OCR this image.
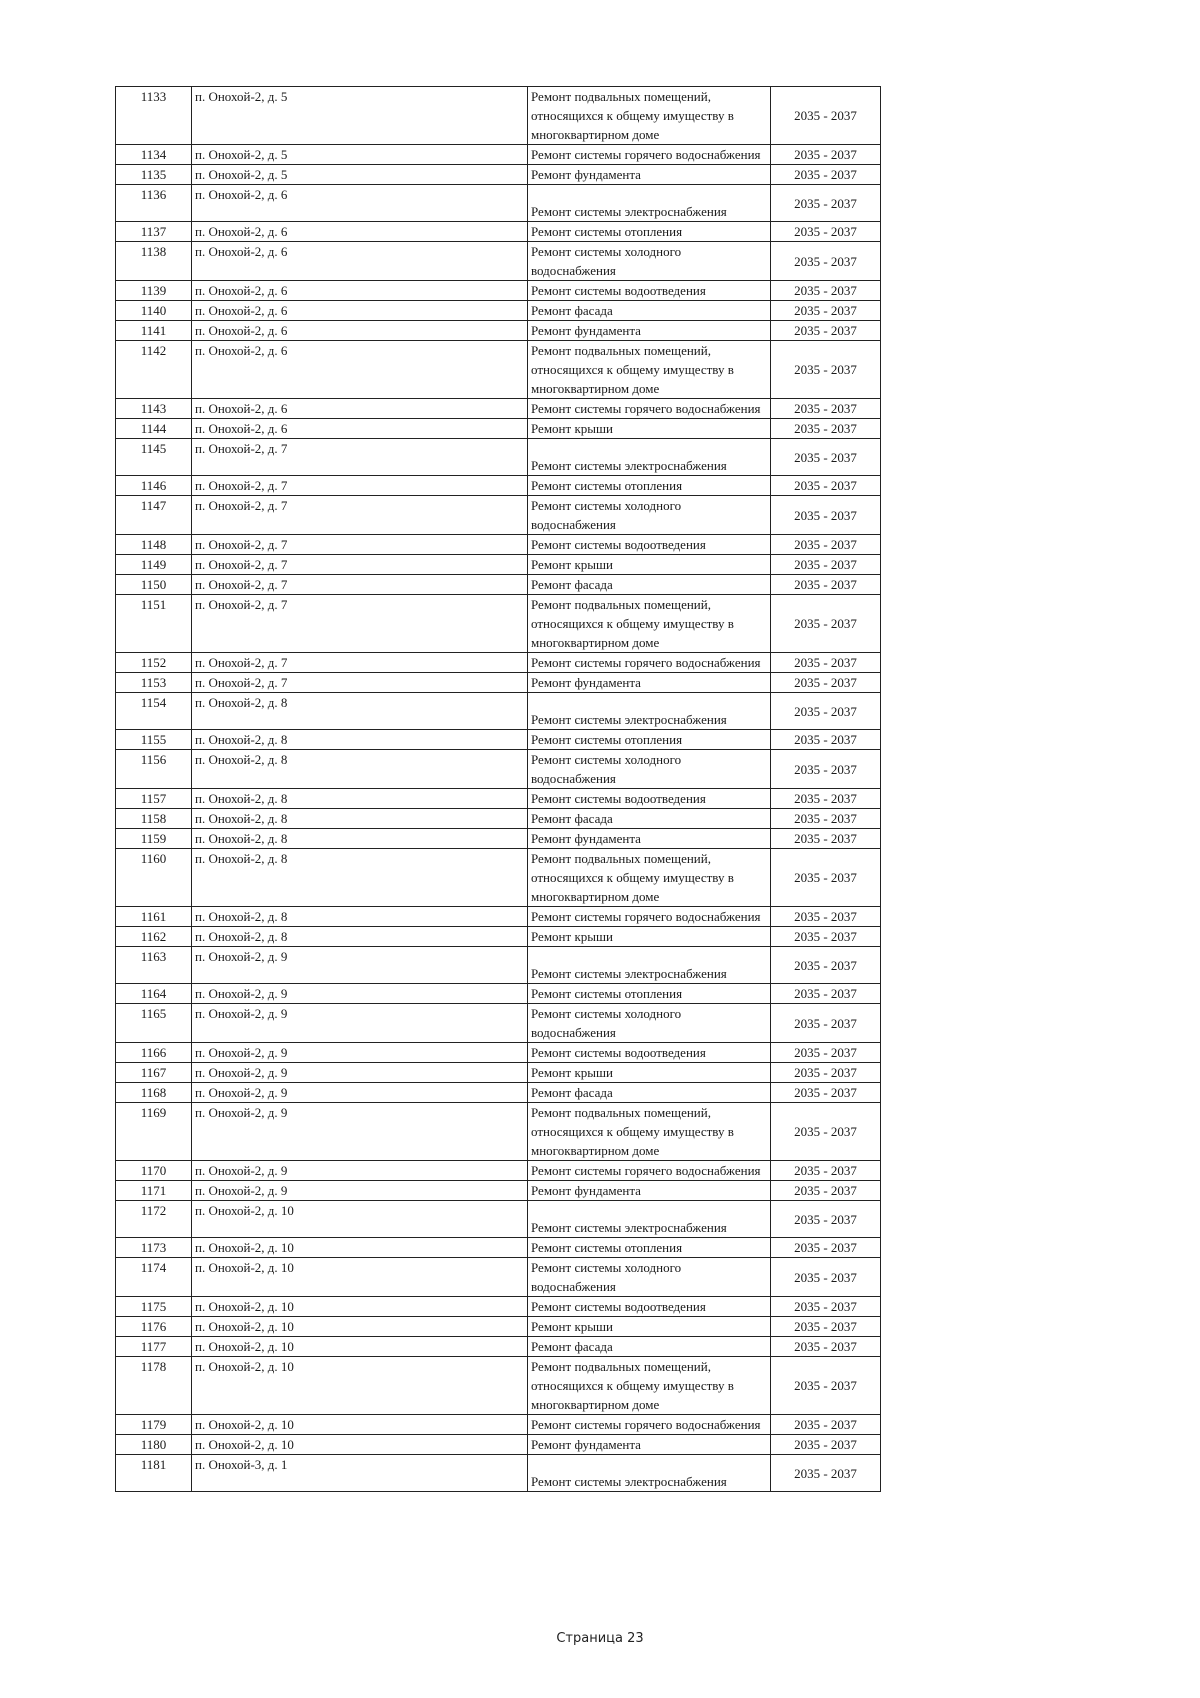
1133	п. Онохой-2, д. 5	Ремонт подвальных помещений, относящихся к общему имуществу в многоквартирном доме	2035 - 2037
1134	п. Онохой-2, д. 5	Ремонт системы горячего водоснабжения	2035 - 2037
1135	п. Онохой-2, д. 5	Ремонт фундамента	2035 - 2037
1136	п. Онохой-2, д. 6	Ремонт системы электроснабжения	2035 - 2037
1137	п. Онохой-2, д. 6	Ремонт системы отопления	2035 - 2037
1138	п. Онохой-2, д. 6	Ремонт системы холодного водоснабжения	2035 - 2037
1139	п. Онохой-2, д. 6	Ремонт системы водоотведения	2035 - 2037
1140	п. Онохой-2, д. 6	Ремонт фасада	2035 - 2037
1141	п. Онохой-2, д. 6	Ремонт фундамента	2035 - 2037
1142	п. Онохой-2, д. 6	Ремонт подвальных помещений, относящихся к общему имуществу в многоквартирном доме	2035 - 2037
1143	п. Онохой-2, д. 6	Ремонт системы горячего водоснабжения	2035 - 2037
1144	п. Онохой-2, д. 6	Ремонт крыши	2035 - 2037
1145	п. Онохой-2, д. 7	Ремонт системы электроснабжения	2035 - 2037
1146	п. Онохой-2, д. 7	Ремонт системы отопления	2035 - 2037
1147	п. Онохой-2, д. 7	Ремонт системы холодного водоснабжения	2035 - 2037
1148	п. Онохой-2, д. 7	Ремонт системы водоотведения	2035 - 2037
1149	п. Онохой-2, д. 7	Ремонт крыши	2035 - 2037
1150	п. Онохой-2, д. 7	Ремонт фасада	2035 - 2037
1151	п. Онохой-2, д. 7	Ремонт подвальных помещений, относящихся к общему имуществу в многоквартирном доме	2035 - 2037
1152	п. Онохой-2, д. 7	Ремонт системы горячего водоснабжения	2035 - 2037
1153	п. Онохой-2, д. 7	Ремонт фундамента	2035 - 2037
1154	п. Онохой-2, д. 8	Ремонт системы электроснабжения	2035 - 2037
1155	п. Онохой-2, д. 8	Ремонт системы отопления	2035 - 2037
1156	п. Онохой-2, д. 8	Ремонт системы холодного водоснабжения	2035 - 2037
1157	п. Онохой-2, д. 8	Ремонт системы водоотведения	2035 - 2037
1158	п. Онохой-2, д. 8	Ремонт фасада	2035 - 2037
1159	п. Онохой-2, д. 8	Ремонт фундамента	2035 - 2037
1160	п. Онохой-2, д. 8	Ремонт подвальных помещений, относящихся к общему имуществу в многоквартирном доме	2035 - 2037
1161	п. Онохой-2, д. 8	Ремонт системы горячего водоснабжения	2035 - 2037
1162	п. Онохой-2, д. 8	Ремонт крыши	2035 - 2037
1163	п. Онохой-2, д. 9	Ремонт системы электроснабжения	2035 - 2037
1164	п. Онохой-2, д. 9	Ремонт системы отопления	2035 - 2037
1165	п. Онохой-2, д. 9	Ремонт системы холодного водоснабжения	2035 - 2037
1166	п. Онохой-2, д. 9	Ремонт системы водоотведения	2035 - 2037
1167	п. Онохой-2, д. 9	Ремонт крыши	2035 - 2037
1168	п. Онохой-2, д. 9	Ремонт фасада	2035 - 2037
1169	п. Онохой-2, д. 9	Ремонт подвальных помещений, относящихся к общему имуществу в многоквартирном доме	2035 - 2037
1170	п. Онохой-2, д. 9	Ремонт системы горячего водоснабжения	2035 - 2037
1171	п. Онохой-2, д. 9	Ремонт фундамента	2035 - 2037
1172	п. Онохой-2, д. 10	Ремонт системы электроснабжения	2035 - 2037
1173	п. Онохой-2, д. 10	Ремонт системы отопления	2035 - 2037
1174	п. Онохой-2, д. 10	Ремонт системы холодного водоснабжения	2035 - 2037
1175	п. Онохой-2, д. 10	Ремонт системы водоотведения	2035 - 2037
1176	п. Онохой-2, д. 10	Ремонт крыши	2035 - 2037
1177	п. Онохой-2, д. 10	Ремонт фасада	2035 - 2037
1178	п. Онохой-2, д. 10	Ремонт подвальных помещений, относящихся к общему имуществу в многоквартирном доме	2035 - 2037
1179	п. Онохой-2, д. 10	Ремонт системы горячего водоснабжения	2035 - 2037
1180	п. Онохой-2, д. 10	Ремонт фундамента	2035 - 2037
1181	п. Онохой-3, д. 1	Ремонт системы электроснабжения	2035 - 2037
Страница 23
